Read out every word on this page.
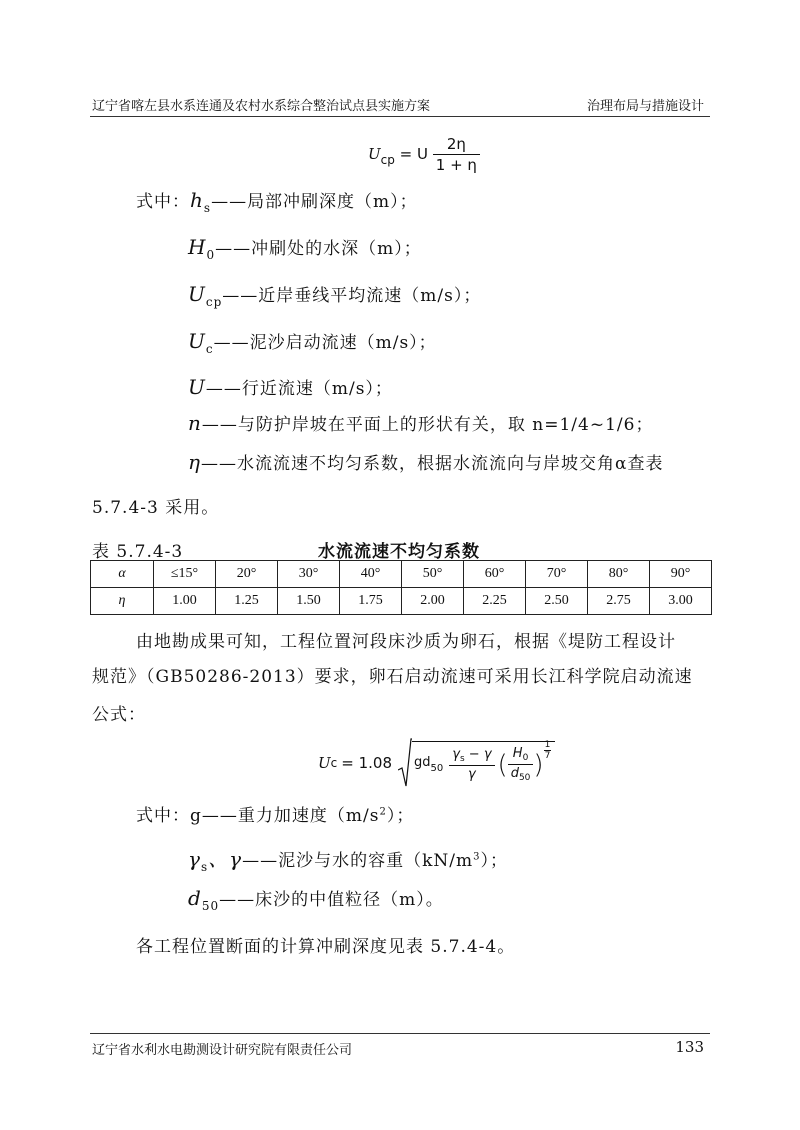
辽宁省喀左县水系连通及农村水系综合整治试点县实施方案	治理布局与措施设计
$U_{cp} = U \frac{2\eta}{1 + \eta}$
式中：$h_s——$局部冲刷深度（m）；
$H_0——$冲刷处的水深（m）；
$U_{cp}——$近岸垂线平均流速（m/s）；
$U_c——$泥沙启动流速（m/s）；
U——行近流速（m/s）；
n——与防护岸坡在平面上的形状有关，取 n=1/4~1/6；
η——水流流速不均匀系数，根据水流流向与岸坡交角α查表
5.7.4-3 采用。
表 5.7.4-3	水流流速不均匀系数
α	≤15°	20°	30°	40°	50°	60°	70°	80°	90°
η	1.00	1.25	1.50	1.75	2.00	2.25	2.50	2.75	3.00
由地勘成果可知，工程位置河段床沙质为卵石，根据《堤防工程设计
规范》（GB50286-2013）要求，卵石启动流速可采用长江科学院启动流速
公式：
U c = 1.08 $gd_{50} \frac{\gamma_s - \gamma}{\gamma}$ ( $\frac{H_0}{d_{50}}$ ) $\frac{1}{7}$
式中：g——重力加速度$(m/s^2)$；
$\gamma_s$、γ——泥沙与水的容重$(kN/m^3)$；
$d_{50}——$床沙的中值粒径（m）。
各工程位置断面的计算冲刷深度见表 5.7.4-4。
辽宁省水利水电勘测设计研究院有限责任公司	133
